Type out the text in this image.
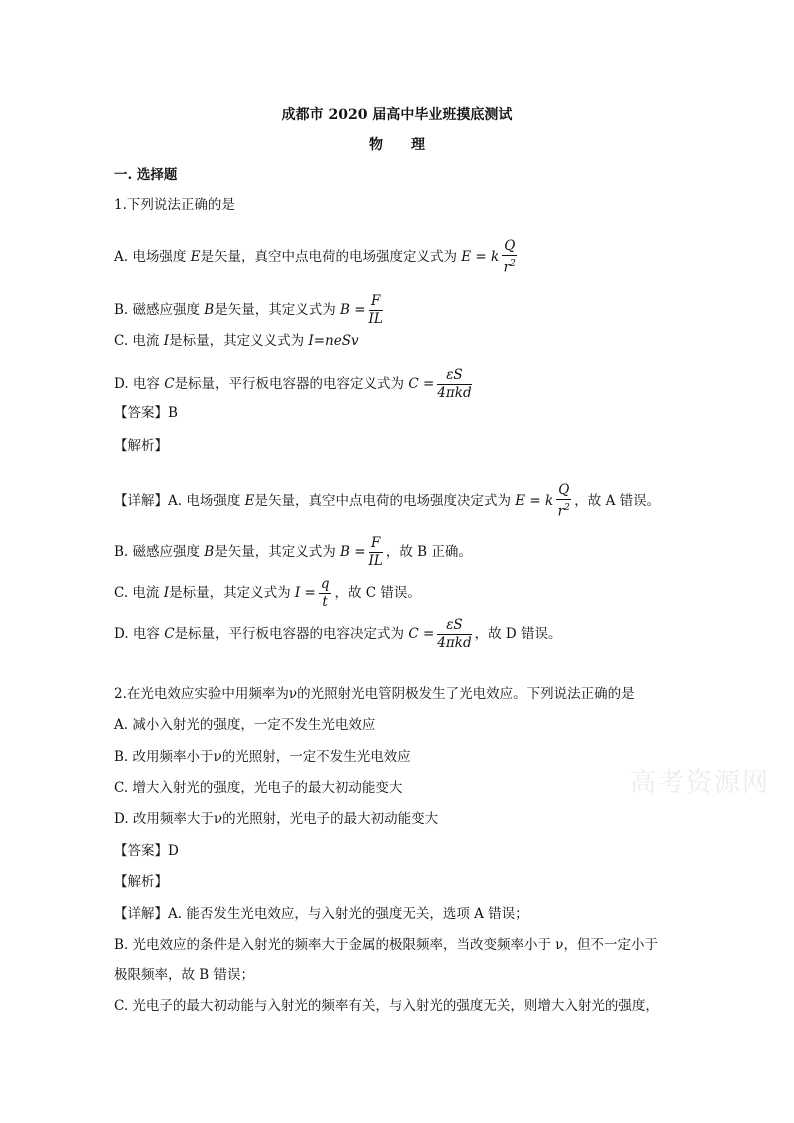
高考资源网
成都市 2020 届高中毕业班摸底测试
物　　理
一. 选择题
1.下列说法正确的是
A. 电场强度 E是矢量，真空中点电荷的电场强度定义式为 E = k $\frac{Q}{r^2}$
B. 磁感应强度 B是矢量，其定义式为 $B = \frac{F}{IL}$
C. 电流 I是标量，其定义义式为 I=neSv
D. 电容 C是标量，平行板电容器的电容定义式为 $C = \frac{\varepsilon S}{\text{4πkd}}$
【答案】B
【解析】
【详解】A. 电场强度 E是矢量，真空中点电荷的电场强度决定式为 E = k $\frac{Q}{r^2}$ ，故 A 错误。
B. 磁感应强度 B是矢量，其定义式为 $B = \frac{F}{IL}$ ，故 B 正确。
C. 电流 I是标量，其定义式为 $I = \frac{q}{t}$ ，故 C 错误。
D. 电容 C是标量，平行板电容器的电容决定式为 $C = \frac{\varepsilon S}{\text{4πkd}}$ ，故 D 错误。
2.在光电效应实验中用频率为ν的光照射光电管阴极发生了光电效应。下列说法正确的是
A. 减小入射光的强度，一定不发生光电效应
B. 改用频率小于ν的光照射，一定不发生光电效应
C. 增大入射光的强度，光电子的最大初动能变大
D. 改用频率大于ν的光照射，光电子的最大初动能变大
【答案】D
【解析】
【详解】A. 能否发生光电效应，与入射光的强度无关，选项 A 错误；
B. 光电效应的条件是入射光的频率大于金属的极限频率，当改变频率小于 ν，但不一定小于
极限频率，故 B 错误；
C. 光电子的最大初动能与入射光的频率有关，与入射光的强度无关，则增大入射光的强度，
